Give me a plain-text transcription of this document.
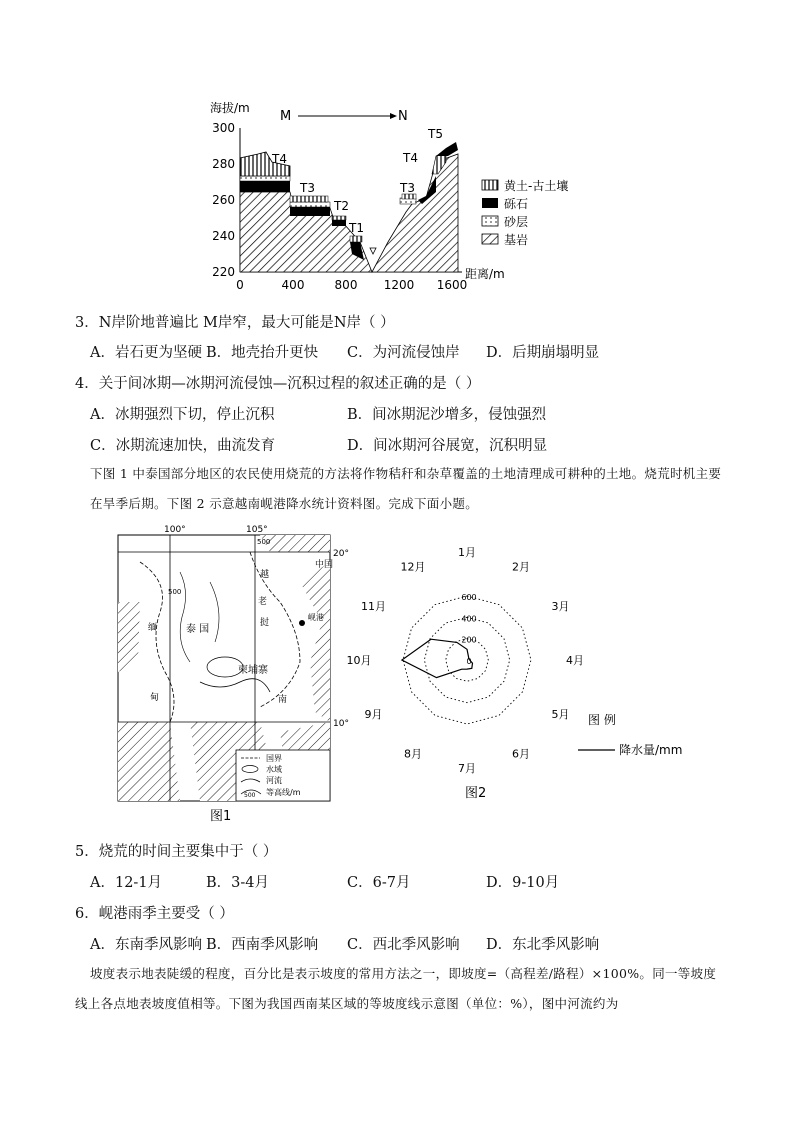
海拔/m
距离/m
300
280
260
240
220
0	400	800 1200 1600
M	N
T4
T3
T2
T1
T3
T4
T5
黄土-古土壤
砾石
砂层
基岩
3．N岸阶地普遍比 M岸窄，最大可能是N岸（ ）
A．岩石更为坚硬 B．地壳抬升更快 C．为河流侵蚀岸 D．后期崩塌明显
4．关于间冰期—冰期河流侵蚀—沉积过程的叙述正确的是（ ）
A．冰期强烈下切，停止沉积	B．间冰期泥沙增多，侵蚀强烈
C．冰期流速加快，曲流发育	D．间冰期河谷展宽，沉积明显
下图 1 中泰国部分地区的农民使用烧荒的方法将作物秸秆和杂草覆盖的土地清理成可耕种的土地。烧荒时机主要在旱季后期。下图 2 示意越南岘港降水统计资料图。完成下面小题。
100°	105°
20°
10°
中国
越
老
挝
泰 国
缅
甸
柬埔寨
南
岘港
500
500
国界
水域
河流
500 等高线/m
图1
0
200
400
600
1月
2月
3月
4月
5月
6月
7月
8月
9月
10月
11月
12月
图 例
降水量/mm
图2
5．烧荒的时间主要集中于（ ）
A．12-1月	B．3-4月	C．6-7月	D．9-10月
6．岘港雨季主要受（ ）
A．东南季风影响 B．西南季风影响 C．西北季风影响 D．东北季风影响
坡度表示地表陡缓的程度，百分比是表示坡度的常用方法之一，即坡度=（高程差/路程）×100%。同一等坡度线上各点地表坡度值相等。下图为我国西南某区域的等坡度线示意图（单位：%），图中河流约为
